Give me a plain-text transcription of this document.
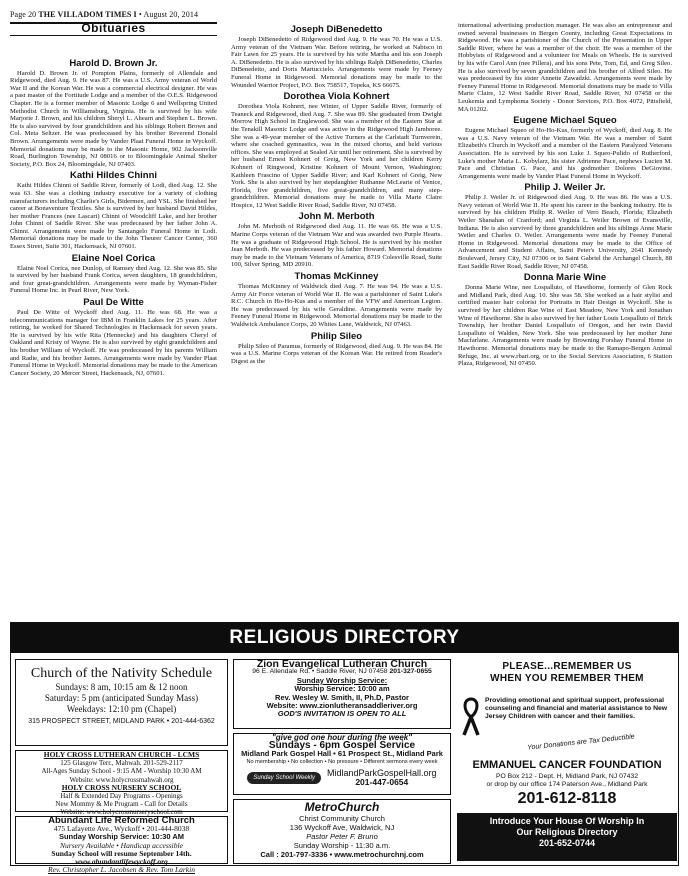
Page 20 THE VILLADOM TIMES I • August 20, 2014
Obituaries
Harold D. Brown Jr.

Harold D. Brown Jr. of Pompton Plains, formerly of Allendale and Ridgewood, died Aug. 9. He was 87. He was a U.S. Army veteran of World War II and the Korean War. He was a commercial electrical designer. He was a past master of the Fortitude Lodge and a member of the O.E.S. Ridgewood Chapter. He is a former member of Masonic Lodge 6 and Wellspring United Methodist Church in Williamsburg, Virginia. He is survived by his wife Marjorie J. Brown, and his children Sheryl L. Ahearn and Stephen L. Brown. He is also survived by four grandchildren and his siblings Robert Brown and Col. Meta Seltzer. He was predeceased by his brother Reverend Donald Brown. Arrangements were made by Vander Plaat Funeral Home in Wyckoff. Memorial donations may be made to the Masonic Home, 902 Jacksonville Road, Burlington Township, NJ 08016 or to Bloomingdale Animal Shelter Society, P.O. Box 24, Bloomingdale, NJ 07403.

Kathi Hildes Chinni

Kathi Hildes Chinni of Saddle River, formerly of Lodi, died Aug. 12. She was 63. She was a clothing industry executive for a variety of clothing manufacturers including Charlie's Girls, Bidermen, and YSL. She finished her career at Bonaventure Textiles. She is survived by her husband David Hildes, her mother Frances (nee Lascari) Chinni of Woodcliff Lake, and her brother John Chinni of Saddle River. She was predeceased by her father John A. Chinni. Arrangements were made by Santangelo Funeral Home in Lodi. Memorial donations may be made to the John Theurer Cancer Center, 360 Essex Street, Suite 301, Hackensack, NJ 07601.

Elaine Noel Corica

Elaine Noel Corica, nee Dunlop, of Ramsey died Aug. 12. She was 85. She is survived by her husband Frank Corica, seven daughters, 18 grandchildren, and four great-grandchildren. Arrangements were made by Wyman-Fisher Funeral Home Inc. in Pearl River, New York.

Paul De Witte

Paul De Witte of Wyckoff died Aug. 11. He was 68. He was a telecommunications manager for IBM in Franklin Lakes for 25 years. After retiring, he worked for Shared Technologies in Hackensack for seven years. He is survived by his wife Rita (Hennecke) and his daughters Cheryl of Oakland and Kristy of Wayne. He is also survived by eight grandchildren and his brother William of Wyckoff. He was predeceased by his parents William and Radie, and his brother James. Arrangements were made by Vander Plaat Funeral Home in Wyckoff. Memorial donations may be made to the American Cancer Society, 20 Mercer Street, Hackensack, NJ, 07601.

Joseph DiBenedetto

Joseph DiBenedetto of Ridgewood died Aug. 9. He was 70. He was a U.S. Army veteran of the Vietnam War. Before retiring, he worked at Nabisco in Fair Lawn for 25 years. He is survived by his wife Martha and his son Joseph A. DiBenedetto. He is also survived by his siblings Ralph DiBenedetto, Charles DiBenedetto, and Doris Martuccielo. Arrangements were made by Feeney Funeral Home in Ridgewood. Memorial donations may be made to the Wounded Warrior Project, P.O. Box 758517, Topeka, KS 66675.

Dorothea Viola Kohnert

Dorothea Viola Kohnert, nee Winter, of Upper Saddle River, formerly of Teaneck and Ridgewood, died Aug. 7. She was 89. She graduated from Dwight Morrow High School in Englewood. She was a member of the Eastern Star at the Tenakill Masonic Lodge and was active in the Ridgewood High Jamboree. She was a 49-year member of the Active Turners at the Carlstadt Turnverein, where she coached gymnastics, was in the mixed chorus, and held various offices. She was employed at Sealed Air until her retirement. She is survived by her husband Ernest Kohnert of Greig, New York and her children Kerry Kohnert of Ringwood, Kristine Kohnert of Mount Vernon, Washington; Kathleen Frascino of Upper Saddle River; and Karl Kohnert of Greig, New York. She is also survived by her stepdaughter Ruthanne McLearie of Venice, Florida, five grandchildren, five great-grandchildren, and many step-grandchildren. Memorial donations may be made to Villa Marie Claire Hospice, 12 West Saddle River Road, Saddle River, NJ 07458.

John M. Merboth

John M. Merboth of Ridgewood died Aug. 11. He was 66. He was a U.S. Marine Corps veteran of the Vietnam War and was awarded two Purple Hearts. He was a graduate of Ridgewood High School. He is survived by his mother Jean Merboth. He was predeceased by his father Howard. Memorial donations may be made to the Vietnam Veterans of America, 8719 Colesville Road, Suite 100, Silver Spring, MD 20910.

Thomas McKinney

Thomas McKinney of Waldwick died Aug. 7. He was 94. He was a U.S. Army Air Force veteran of World War II. He was a parishioner of Saint Luke's R.C. Church in Ho-Ho-Kus and a member of the VFW and American Legion. He was predeceased by his wife Geraldine. Arrangements were made by Feeney Funeral Home in Ridgewood. Memorial donations may be made to the Waldwick Ambulance Corps, 20 Whites Lane, Waldwick, NJ 07463.

Philip Sileo

Philip Sileo of Paramus, formerly of Ridgewood, died Aug. 9. He was 84. He was a U.S. Marine Corps veteran of the Korean War. He retired from Reader's Digest as the

international advertising production manager. He was also an entrepreneur and owned several businesses in Bergen County, including Great Expectations in Ridgewood. He was a parishioner of the Church of the Presentation in Upper Saddle River, where he was a member of the choir. He was a member of the Hobbyists of Ridgewood and a volunteer for Meals on Wheels. He is survived by his wife Carol Ann (nee Pillera), and his sons Pete, Tom, Ed, and Greg Sileo. He is also survived by seven grandchildren and his brother of Alfred Sileo. He was predeceased by his sister Annette Zawadzki. Arrangements were made by Feeney Funeral Home in Ridgewood. Memorial donations may be made to Villa Marie Claire, 12 West Saddle River Road, Saddle River, NJ 07458 or the Leukemia and Lymphoma Society - Donor Services, P.O. Box 4072, Pittsfield, MA 01202.

Eugene Michael Squeo

Eugene Michael Squeo of Ho-Ho-Kus, formerly of Wyckoff, died Aug. 8. He was a U.S. Navy veteran of the Vietnam War. He was a member of Saint Elizabeth's Church in Wyckoff and a member of the Eastern Paralyzed Veterans Association. He is survived by his son Luke J. Squeo-Pulido of Rutherford, Luke's mother Maria L. Kobylarz, his sister Adrienne Pace, nephews Lucien M. Pace and Christian G. Pace, and his godmother Dolores DeGiovine. Arrangements were made by Vander Plaat Funeral Home in Wyckoff.

Philip J. Weiler Jr.

Philip J. Weiler Jr. of Ridgewood died Aug. 9. He was 86. He was a U.S. Navy veteran of World War II. He spent his career in the banking industry. He is survived by his children Philip R. Weiler of Vero Beach, Florida; Elizabeth Weiler Shanahan of Cranford; and Virginia L. Weiler Brown of Evansville, Indiana. He is also survived by three grandchildren and his siblings Anne Marie Weiler and Charles O. Weiler. Arrangements were made by Feeney Funeral Home in Ridgewood. Memorial donations may be made to the Office of Advancement and Student Affairs, Saint Peter's University, 2641 Kennedy Boulevard, Jersey City, NJ 07306 or to Saint Gabriel the Archangel Church, 88 East Saddle River Road, Saddle River, NJ 07458.

Donna Marie Wine

Donna Marie Wine, nee Lospalluto, of Hawthorne, formerly of Glen Rock and Midland Park, died Aug. 10. She was 58. She worked as a hair stylist and certified master hair colorist for Portraits in Hair Design in Wyckoff. She is survived by her children Rae Wine of East Meadow, New York and Jonathan Wine of Hawthorne. She is also survived by her father Louis Lospalluto of Brick Township, her brother Daniel Lospalluto of Oregon, and her twin David Lospalluto of Walden, New York. She was predeceased by her mother June Macfarlane. Arrangements were made by Browning Forshay Funeral Home in Hawthorne. Memorial donations may be made to the Ramapo-Bergen Animal Refuge, Inc. at www.rbari.org, or to the Social Services Association, 6 Station Plaza, Ridgewood, NJ 07450.

RELIGIOUS DIRECTORY
Church of the Nativity Schedule
Sundays: 8 am, 10:15 am & 12 noon
Saturday: 5 pm (anticipated Sunday Mass)
Weekdays: 12:10 pm (Chapel)
315 PROSPECT STREET, MIDLAND PARK • 201-444-6362
HOLY CROSS LUTHERAN CHURCH - LCMS
125 Glasgow Terr., Mahwah. 201-529-2117
All-Ages Sunday School - 9:15 AM - Worship 10:30 AM
Website: www.holycrossmahwah.org
HOLY CROSS NURSERY SCHOOL
Half & Extended Day Programs - Openings
New Mommy & Me Program - Call for Details
Website: www.holycrossnurseryschool.com
Abundant Life Reformed Church
475 Lafayette Ave., Wyckoff • 201-444-8038
Sunday Worship Service: 10:30 AM
Nursery Available • Handicap accessible
Sunday School will resume September 14th.
www.abundantlifewyckoff.org
Rev. Christopher L. Jacobsen & Rev. Tom Larkin
Zion Evangelical Lutheran Church
96 E. Allendale Rd. • Saddle River, NJ 07458 201-327-0655
Sunday Worship Service:
Worship Service: 10:00 am
Rev. Wesley W. Smith, II, Ph.D, Pastor
Website: www.zionlutheransaddleriver.org
GOD'S INVITATION IS OPEN TO ALL
"give god one hour during the week"
Sundays - 6pm Gospel Service
Midland Park Gospel Hall • 61 Prospect St., Midland Park
No membership • No collection • No pressure • Different sermons every week
Sunday School Weekly	MidlandParkGospelHall.org
201-447-0654
MetroChurch
Christ Community Church
136 Wyckoff Ave, Waldwick, NJ
Pastor Peter F. Bruno
Sunday Worship - 11:30 a.m.
Call : 201-797-3336 • www.metrochurchnj.com
PLEASE...REMEMBER US
WHEN YOU REMEMBER THEM
Providing emotional and spiritual support, professional counseling and financial and material assistance to New Jersey Children with cancer and their families.
Your Donations are Tax Deductible
EMMANUEL CANCER FOUNDATION
PO Box 212 - Dept. H, Midland Park, NJ 07432
or drop by our office 174 Paterson Ave., Midland Park
201-612-8118
Introduce Your House Of Worship In
Our Religious Directory
201-652-0744
